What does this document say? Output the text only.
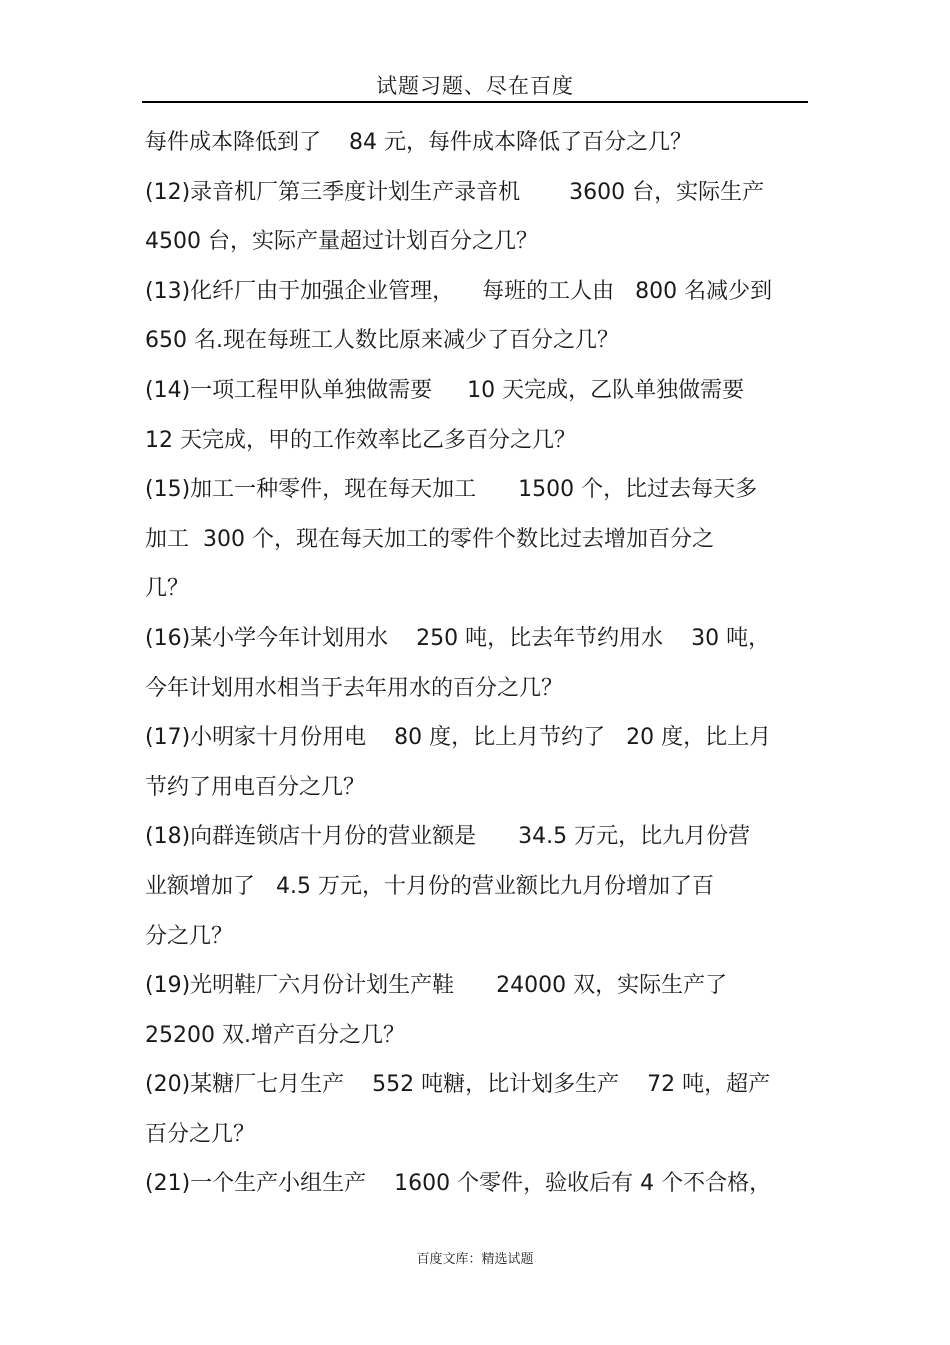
试题习题、尽在百度
每件成本降低到了    84 元，每件成本降低了百分之几？
(12)录音机厂第三季度计划生产录音机       3600 台，实际生产
4500 台，实际产量超过计划百分之几？
(13)化纤厂由于加强企业管理，    每班的工人由   800 名减少到
650 名.现在每班工人数比原来减少了百分之几？
(14)一项工程甲队单独做需要     10 天完成，乙队单独做需要
12 天完成，甲的工作效率比乙多百分之几？
(15)加工一种零件，现在每天加工      1500 个，比过去每天多
加工  300 个，现在每天加工的零件个数比过去增加百分之
几？
(16)某小学今年计划用水    250 吨，比去年节约用水    30 吨，
今年计划用水相当于去年用水的百分之几？
(17)小明家十月份用电    80 度，比上月节约了   20 度，比上月
节约了用电百分之几？
(18)向群连锁店十月份的营业额是      34.5 万元，比九月份营
业额增加了   4.5 万元，十月份的营业额比九月份增加了百
分之几？
(19)光明鞋厂六月份计划生产鞋      24000 双，实际生产了
25200 双.增产百分之几？
(20)某糖厂七月生产    552 吨糖，比计划多生产    72 吨，超产
百分之几？
(21)一个生产小组生产    1600 个零件，验收后有 4 个不合格，
百度文库：精选试题
